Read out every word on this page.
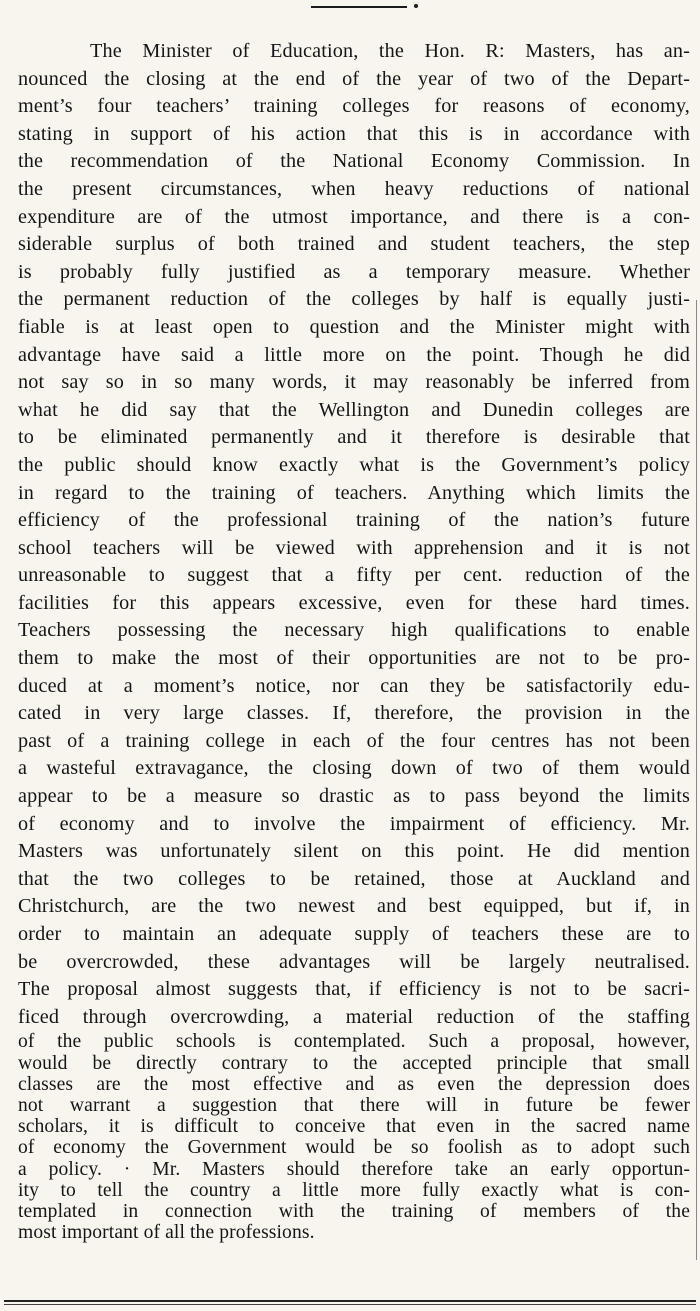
The Minister of Education, the Hon. R: Masters, has an-
nounced the closing at the end of the year of two of the Depart-
ment’s four teachers’ training colleges for reasons of economy,
stating in support of his action that this is in accordance with
the recommendation of the National Economy Commission. In
the present circumstances, when heavy reductions of national
expenditure are of the utmost importance, and there is a con-
siderable surplus of both trained and student teachers, the step
is probably fully justified as a temporary measure. Whether
the permanent reduction of the colleges by half is equally justi-
fiable is at least open to question and the Minister might with
advantage have said a little more on the point. Though he did
not say so in so many words, it may reasonably be inferred from
what he did say that the Wellington and Dunedin colleges are
to be eliminated permanently and it therefore is desirable that
the public should know exactly what is the Government’s policy
in regard to the training of teachers. Anything which limits the
efficiency of the professional training of the nation’s future
school teachers will be viewed with apprehension and it is not
unreasonable to suggest that a fifty per cent. reduction of the
facilities for this appears excessive, even for these hard times.
Teachers possessing the necessary high qualifications to enable
them to make the most of their opportunities are not to be pro-
duced at a moment’s notice, nor can they be satisfactorily edu-
cated in very large classes. If, therefore, the provision in the
past of a training college in each of the four centres has not been
a wasteful extravagance, the closing down of two of them would
appear to be a measure so drastic as to pass beyond the limits
of economy and to involve the impairment of efficiency. Mr.
Masters was unfortunately silent on this point. He did mention
that the two colleges to be retained, those at Auckland and
Christchurch, are the two newest and best equipped, but if, in
order to maintain an adequate supply of teachers these are to
be overcrowded, these advantages will be largely neutralised.
The proposal almost suggests that, if efficiency is not to be sacri-
ficed through overcrowding, a material reduction of the staffing
of the public schools is contemplated. Such a proposal, however,
would be directly contrary to the accepted principle that small
classes are the most effective and as even the depression does
not warrant a suggestion that there will in future be fewer
scholars, it is difficult to conceive that even in the sacred name
of economy the Government would be so foolish as to adopt such
a policy. · Mr. Masters should therefore take an early opportun-
ity to tell the country a little more fully exactly what is con-
templated in connection with the training of members of the
most important of all the professions.
